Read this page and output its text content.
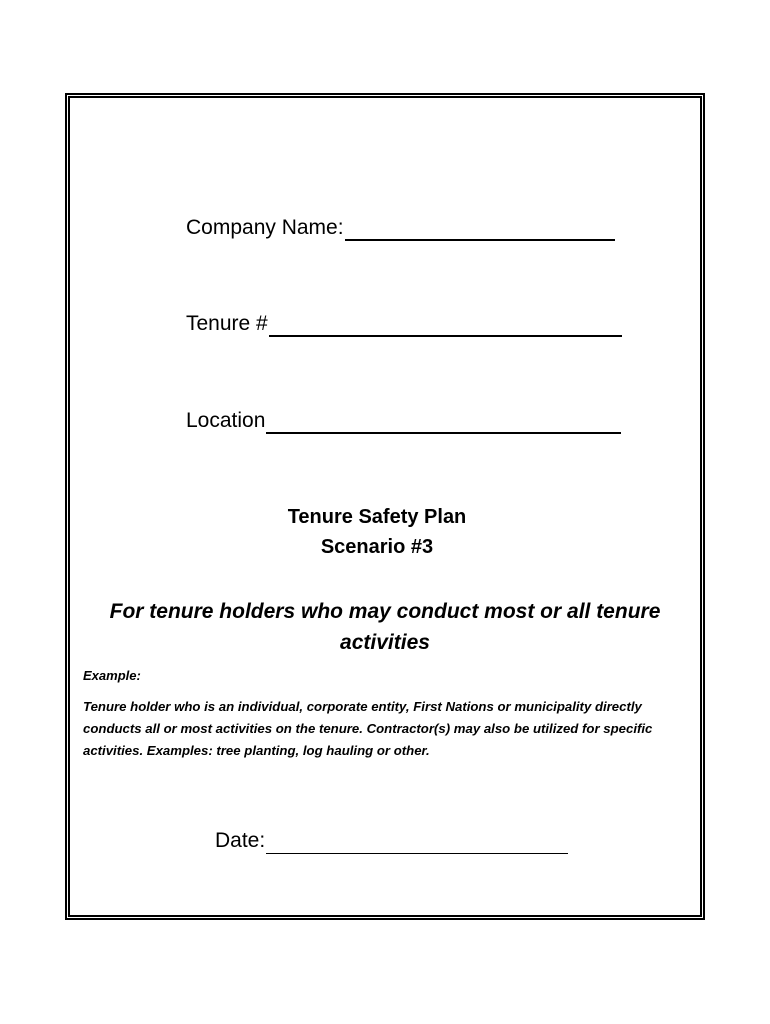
Company Name:
Tenure #
Location
Tenure Safety Plan
Scenario #3
For tenure holders who may conduct most or all tenure activities
Example:
Tenure holder who is an individual, corporate entity, First Nations or municipality directly conducts all or most activities on the tenure. Contractor(s) may also be utilized for specific activities. Examples: tree planting, log hauling or other.
Date:
